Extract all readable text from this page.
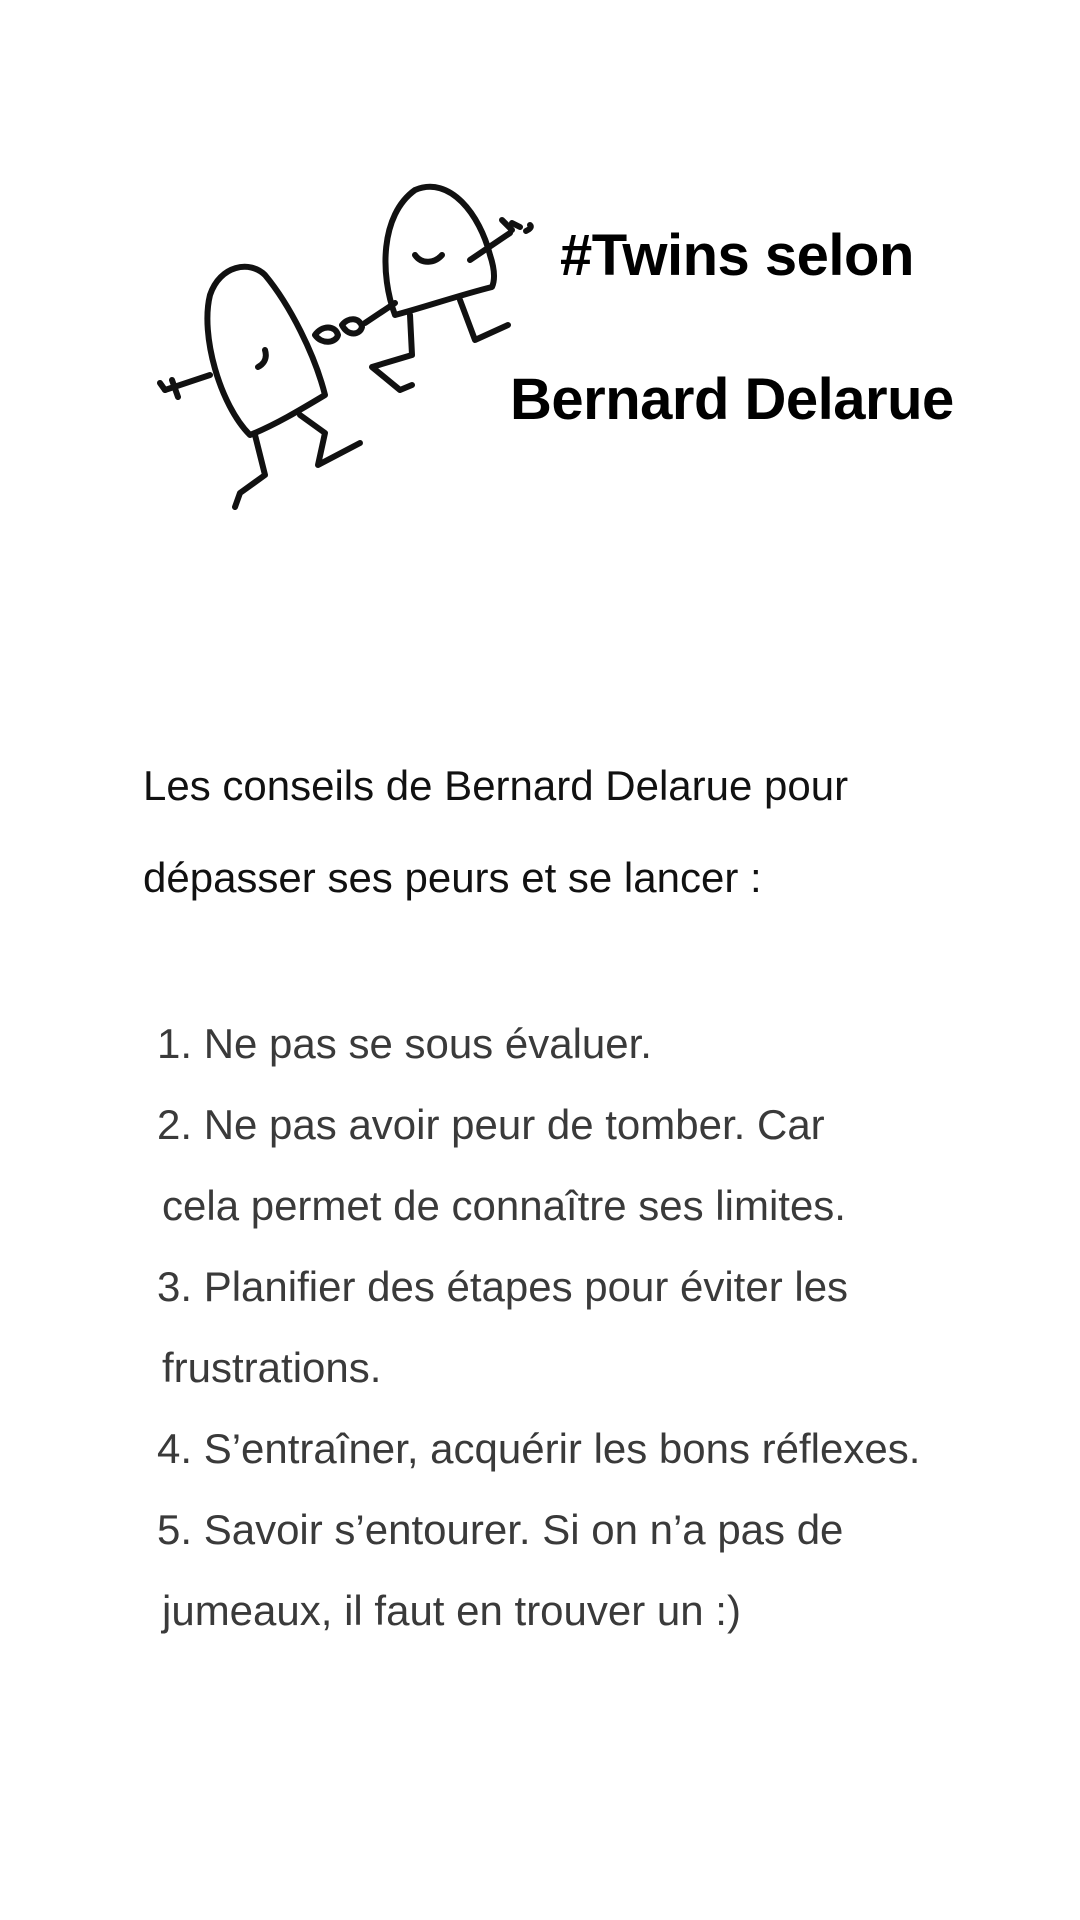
#Twins selon
Bernard Delarue
Les conseils de Bernard Delarue pour
dépasser ses peurs et se lancer :
1. Ne pas se sous évaluer.
2. Ne pas avoir peur de tomber. Car
cela permet de connaître ses limites.
3. Planifier des étapes pour éviter les
frustrations.
4. S’entraîner, acquérir les bons réflexes.
5. Savoir s’entourer. Si on n’a pas de
jumeaux, il faut en trouver un :)
